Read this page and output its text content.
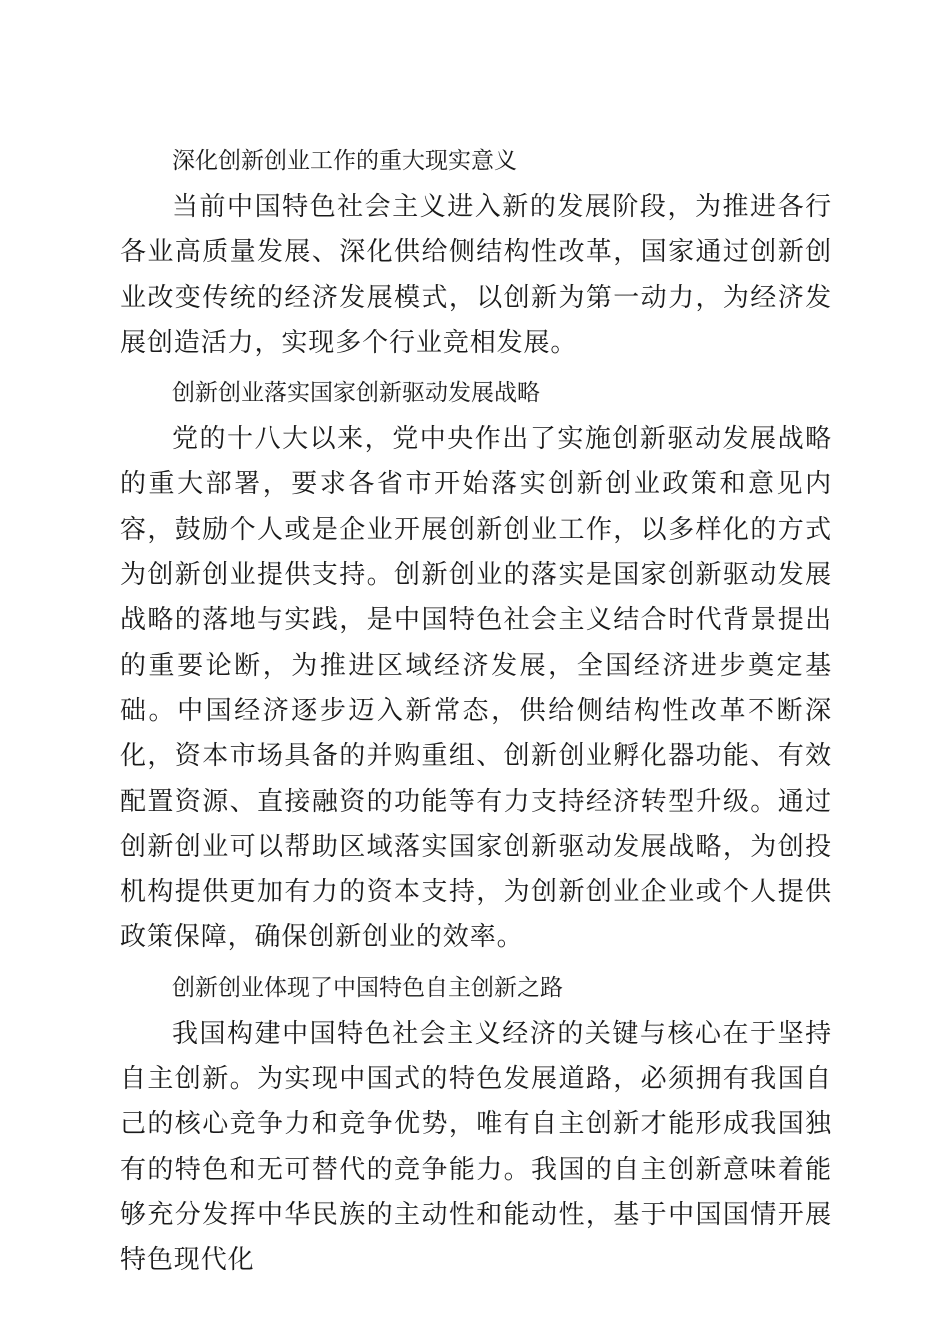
深化创新创业工作的重大现实意义

当前中国特色社会主义进入新的发展阶段，为推进各行各业高质量发展、深化供给侧结构性改革，国家通过创新创业改变传统的经济发展模式，以创新为第一动力，为经济发展创造活力，实现多个行业竞相发展。

创新创业落实国家创新驱动发展战略

党的十八大以来，党中央作出了实施创新驱动发展战略的重大部署，要求各省市开始落实创新创业政策和意见内容，鼓励个人或是企业开展创新创业工作，以多样化的方式为创新创业提供支持。创新创业的落实是国家创新驱动发展战略的落地与实践，是中国特色社会主义结合时代背景提出的重要论断，为推进区域经济发展，全国经济进步奠定基础。中国经济逐步迈入新常态，供给侧结构性改革不断深化，资本市场具备的并购重组、创新创业孵化器功能、有效配置资源、直接融资的功能等有力支持经济转型升级。通过创新创业可以帮助区域落实国家创新驱动发展战略，为创投机构提供更加有力的资本支持，为创新创业企业或个人提供政策保障，确保创新创业的效率。

创新创业体现了中国特色自主创新之路

我国构建中国特色社会主义经济的关键与核心在于坚持自主创新。为实现中国式的特色发展道路，必须拥有我国自己的核心竞争力和竞争优势，唯有自主创新才能形成我国独有的特色和无可替代的竞争能力。我国的自主创新意味着能够充分发挥中华民族的主动性和能动性，基于中国国情开展特色现代化
